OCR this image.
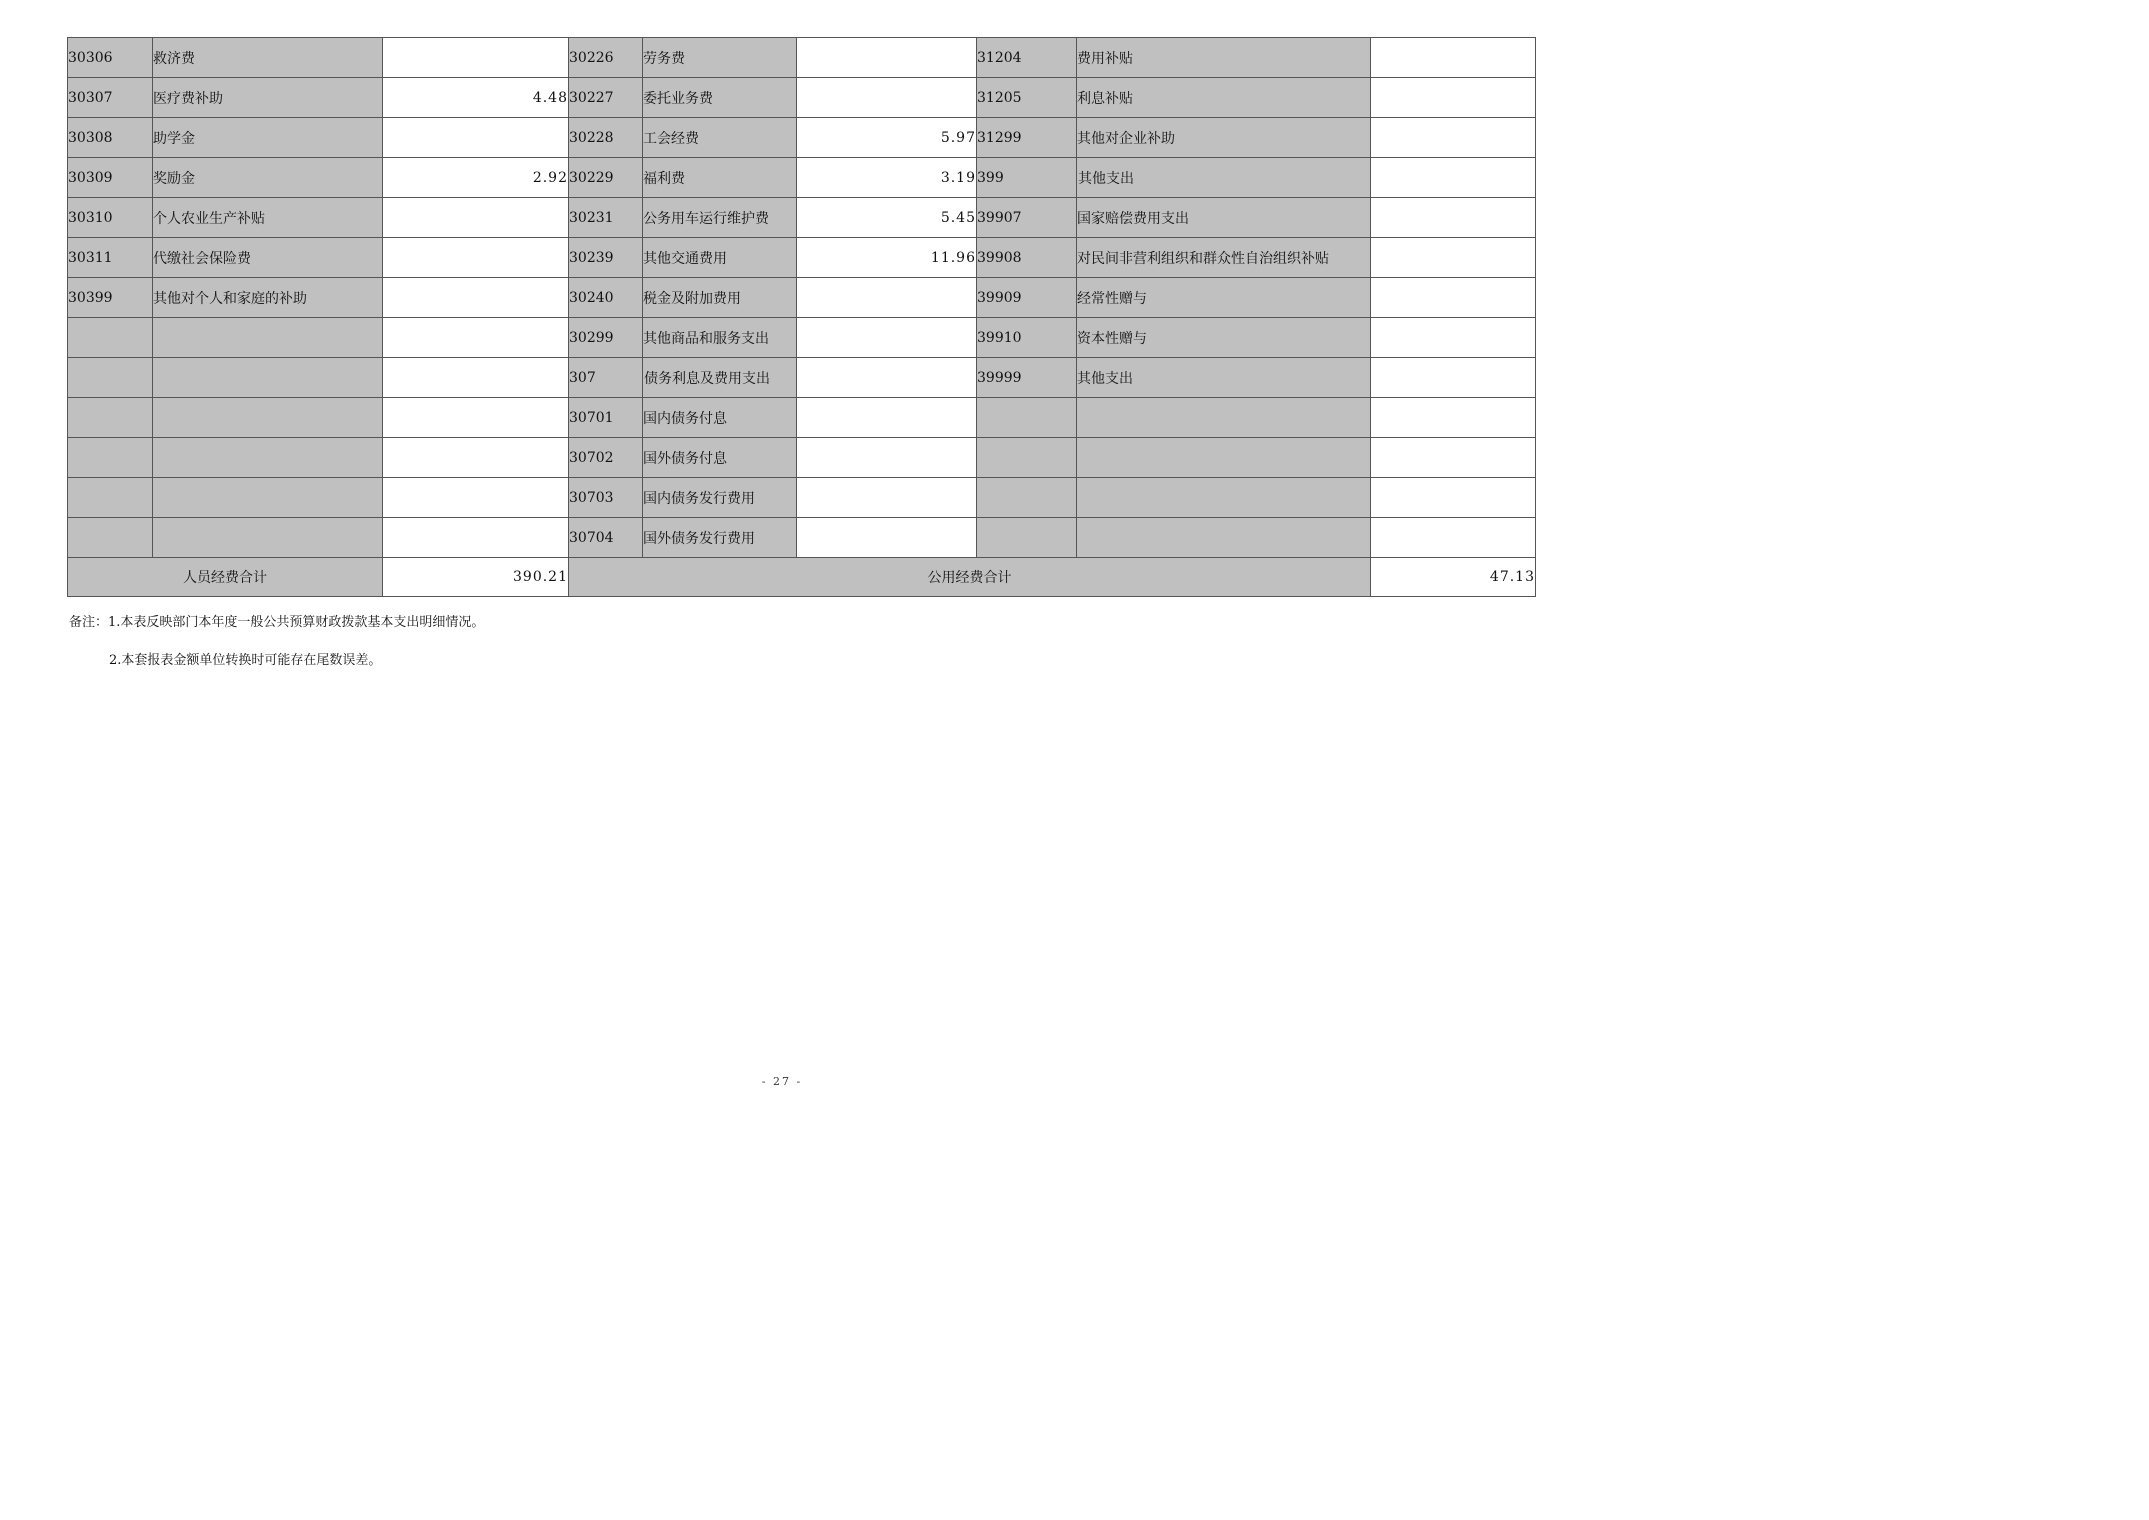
30306	救济费		30226	劳务费		31204	费用补贴	
30307	医疗费补助	4.48	30227	委托业务费		31205	利息补贴	
30308	助学金		30228	工会经费	5.97	31299	其他对企业补助	
30309	奖励金	2.92	30229	福利费	3.19	399	其他支出	
30310	个人农业生产补贴		30231	公务用车运行维护费	5.45	39907	国家赔偿费用支出	
30311	代缴社会保险费		30239	其他交通费用	11.96	39908	对民间非营利组织和群众性自治组织补贴	
30399	其他对个人和家庭的补助		30240	税金及附加费用		39909	经常性赠与	
			30299	其他商品和服务支出		39910	资本性赠与	
			307	债务利息及费用支出		39999	其他支出	
			30701	国内债务付息				
			30702	国外债务付息				
			30703	国内债务发行费用				
			30704	国外债务发行费用				
人员经费合计		390.21	公用经费合计					47.13
备注：1.本表反映部门本年度一般公共预算财政拨款基本支出明细情况。
2.本套报表金额单位转换时可能存在尾数误差。
- 27 -
